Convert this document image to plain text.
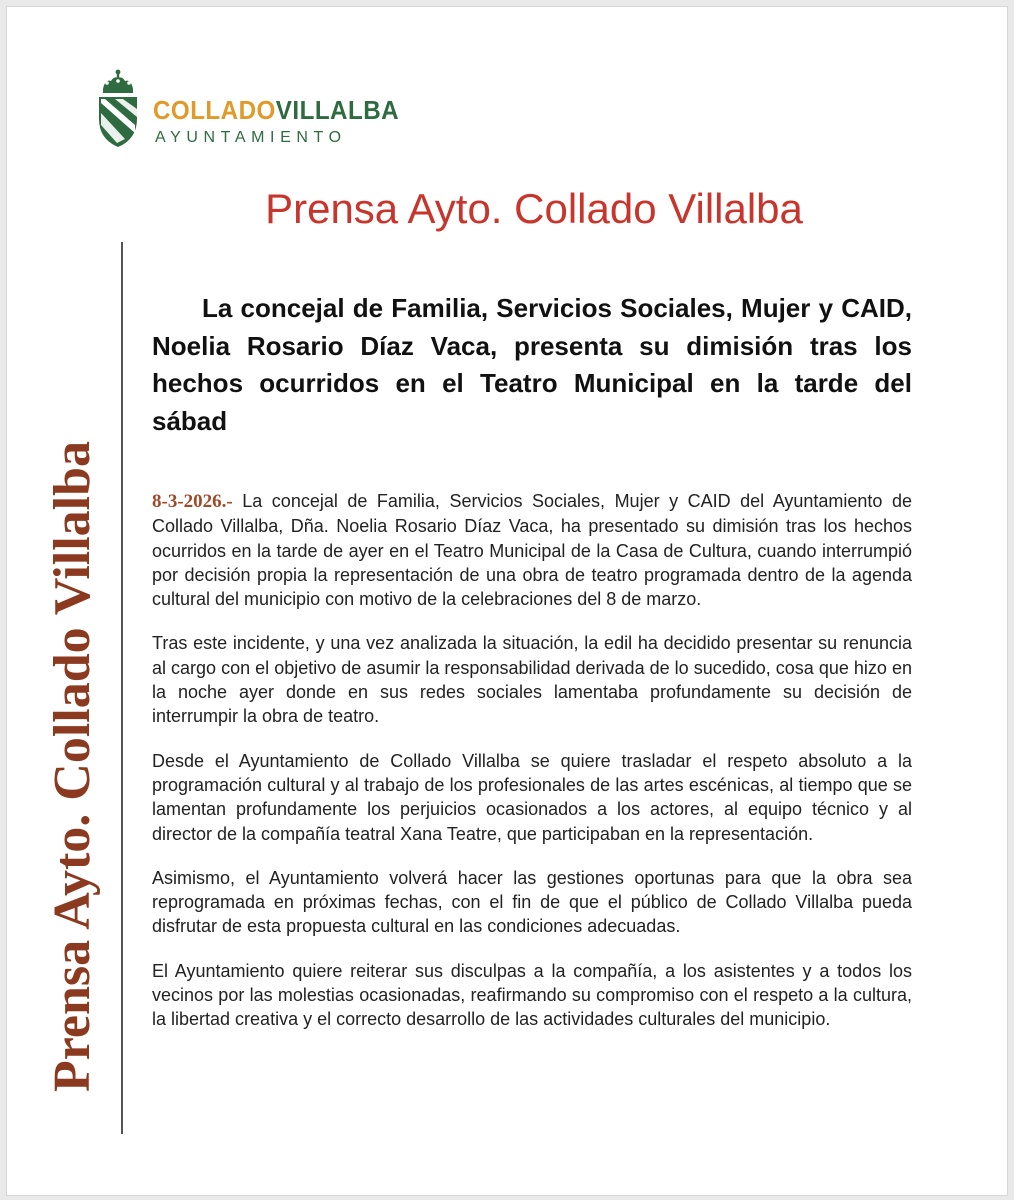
COLLADOVILLALBA
AYUNTAMIENTO
Prensa Ayto. Collado Villalba
Prensa Ayto. Collado Villalba
La concejal de Familia, Servicios Sociales, Mujer y CAID, Noelia Rosario Díaz Vaca, presenta su dimisión tras los hechos ocurridos en el Teatro Municipal en la tarde del sábad

8-3-2026.- La concejal de Familia, Servicios Sociales, Mujer y CAID del Ayuntamiento de Collado Villalba, Dña. Noelia Rosario Díaz Vaca, ha presentado su dimisión tras los hechos ocurridos en la tarde de ayer en el Teatro Municipal de la Casa de Cultura, cuando interrumpió por decisión propia la representación de una obra de teatro programada dentro de la agenda cultural del municipio con motivo de la celebraciones del 8 de marzo.

Tras este incidente, y una vez analizada la situación, la edil ha decidido presentar su renuncia al cargo con el objetivo de asumir la responsabilidad derivada de lo sucedido, cosa que hizo en la noche ayer donde en sus redes sociales lamentaba profundamente su decisión de interrumpir la obra de teatro.

Desde el Ayuntamiento de Collado Villalba se quiere trasladar el respeto absoluto a la programación cultural y al trabajo de los profesionales de las artes escénicas, al tiempo que se lamentan profundamente los perjuicios ocasionados a los actores, al equipo técnico y al director de la compañía teatral Xana Teatre, que participaban en la representación.

Asimismo, el Ayuntamiento volverá hacer las gestiones oportunas para que la obra sea reprogramada en próximas fechas, con el fin de que el público de Collado Villalba pueda disfrutar de esta propuesta cultural en las condiciones adecuadas.

El Ayuntamiento quiere reiterar sus disculpas a la compañía, a los asistentes y a todos los vecinos por las molestias ocasionadas, reafirmando su compromiso con el respeto a la cultura, la libertad creativa y el correcto desarrollo de las actividades culturales del municipio.
